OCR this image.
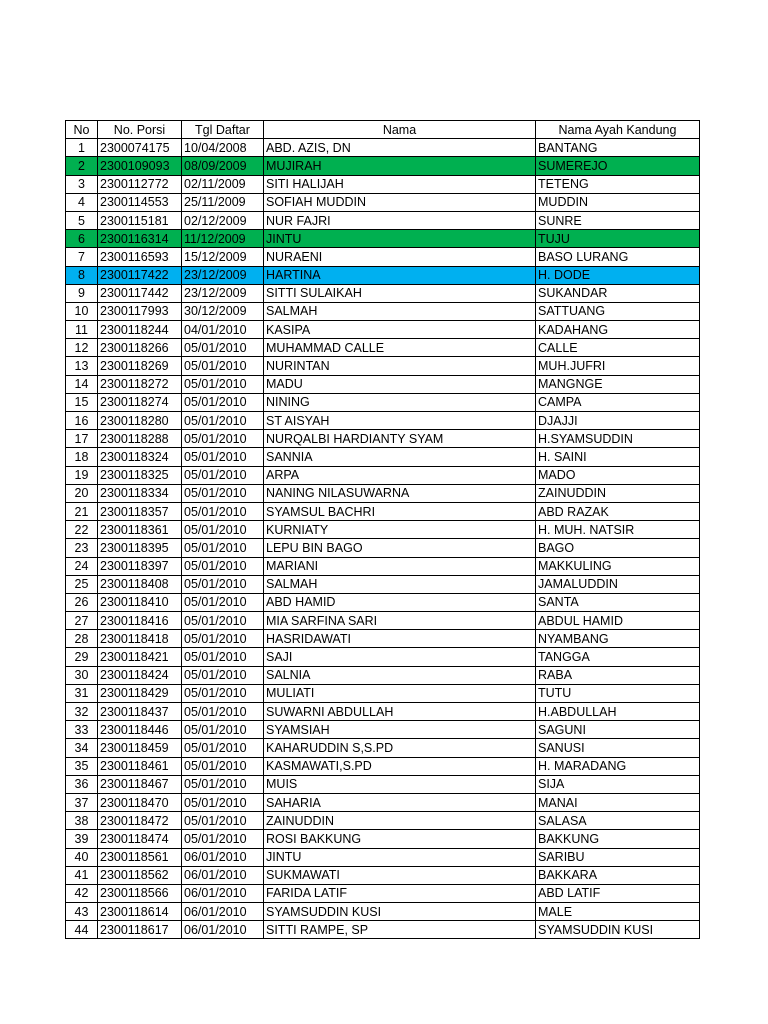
No	No. Porsi	Tgl Daftar	Nama	Nama Ayah Kandung
1	2300074175	10/04/2008	ABD. AZIS, DN	BANTANG
2	2300109093	08/09/2009	MUJIRAH	SUMEREJO
3	2300112772	02/11/2009	SITI HALIJAH	TETENG
4	2300114553	25/11/2009	SOFIAH MUDDIN	MUDDIN
5	2300115181	02/12/2009	NUR FAJRI	SUNRE
6	2300116314	11/12/2009	JINTU	TUJU
7	2300116593	15/12/2009	NURAENI	BASO LURANG
8	2300117422	23/12/2009	HARTINA	H. DODE
9	2300117442	23/12/2009	SITTI SULAIKAH	SUKANDAR
10	2300117993	30/12/2009	SALMAH	SATTUANG
11	2300118244	04/01/2010	KASIPA	KADAHANG
12	2300118266	05/01/2010	MUHAMMAD CALLE	CALLE
13	2300118269	05/01/2010	NURINTAN	MUH.JUFRI
14	2300118272	05/01/2010	MADU	MANGNGE
15	2300118274	05/01/2010	NINING	CAMPA
16	2300118280	05/01/2010	ST AISYAH	DJAJJI
17	2300118288	05/01/2010	NURQALBI HARDIANTY SYAM	H.SYAMSUDDIN
18	2300118324	05/01/2010	SANNIA	H. SAINI
19	2300118325	05/01/2010	ARPA	MADO
20	2300118334	05/01/2010	NANING NILASUWARNA	ZAINUDDIN
21	2300118357	05/01/2010	SYAMSUL BACHRI	ABD RAZAK
22	2300118361	05/01/2010	KURNIATY	H. MUH. NATSIR
23	2300118395	05/01/2010	LEPU BIN BAGO	BAGO
24	2300118397	05/01/2010	MARIANI	MAKKULING
25	2300118408	05/01/2010	SALMAH	JAMALUDDIN
26	2300118410	05/01/2010	ABD HAMID	SANTA
27	2300118416	05/01/2010	MIA SARFINA SARI	ABDUL HAMID
28	2300118418	05/01/2010	HASRIDAWATI	NYAMBANG
29	2300118421	05/01/2010	SAJI	TANGGA
30	2300118424	05/01/2010	SALNIA	RABA
31	2300118429	05/01/2010	MULIATI	TUTU
32	2300118437	05/01/2010	SUWARNI ABDULLAH	H.ABDULLAH
33	2300118446	05/01/2010	SYAMSIAH	SAGUNI
34	2300118459	05/01/2010	KAHARUDDIN S,S.PD	SANUSI
35	2300118461	05/01/2010	KASMAWATI,S.PD	H. MARADANG
36	2300118467	05/01/2010	MUIS	SIJA
37	2300118470	05/01/2010	SAHARIA	MANAI
38	2300118472	05/01/2010	ZAINUDDIN	SALASA
39	2300118474	05/01/2010	ROSI BAKKUNG	BAKKUNG
40	2300118561	06/01/2010	JINTU	SARIBU
41	2300118562	06/01/2010	SUKMAWATI	BAKKARA
42	2300118566	06/01/2010	FARIDA LATIF	ABD LATIF
43	2300118614	06/01/2010	SYAMSUDDIN KUSI	MALE
44	2300118617	06/01/2010	SITTI RAMPE, SP	SYAMSUDDIN KUSI
